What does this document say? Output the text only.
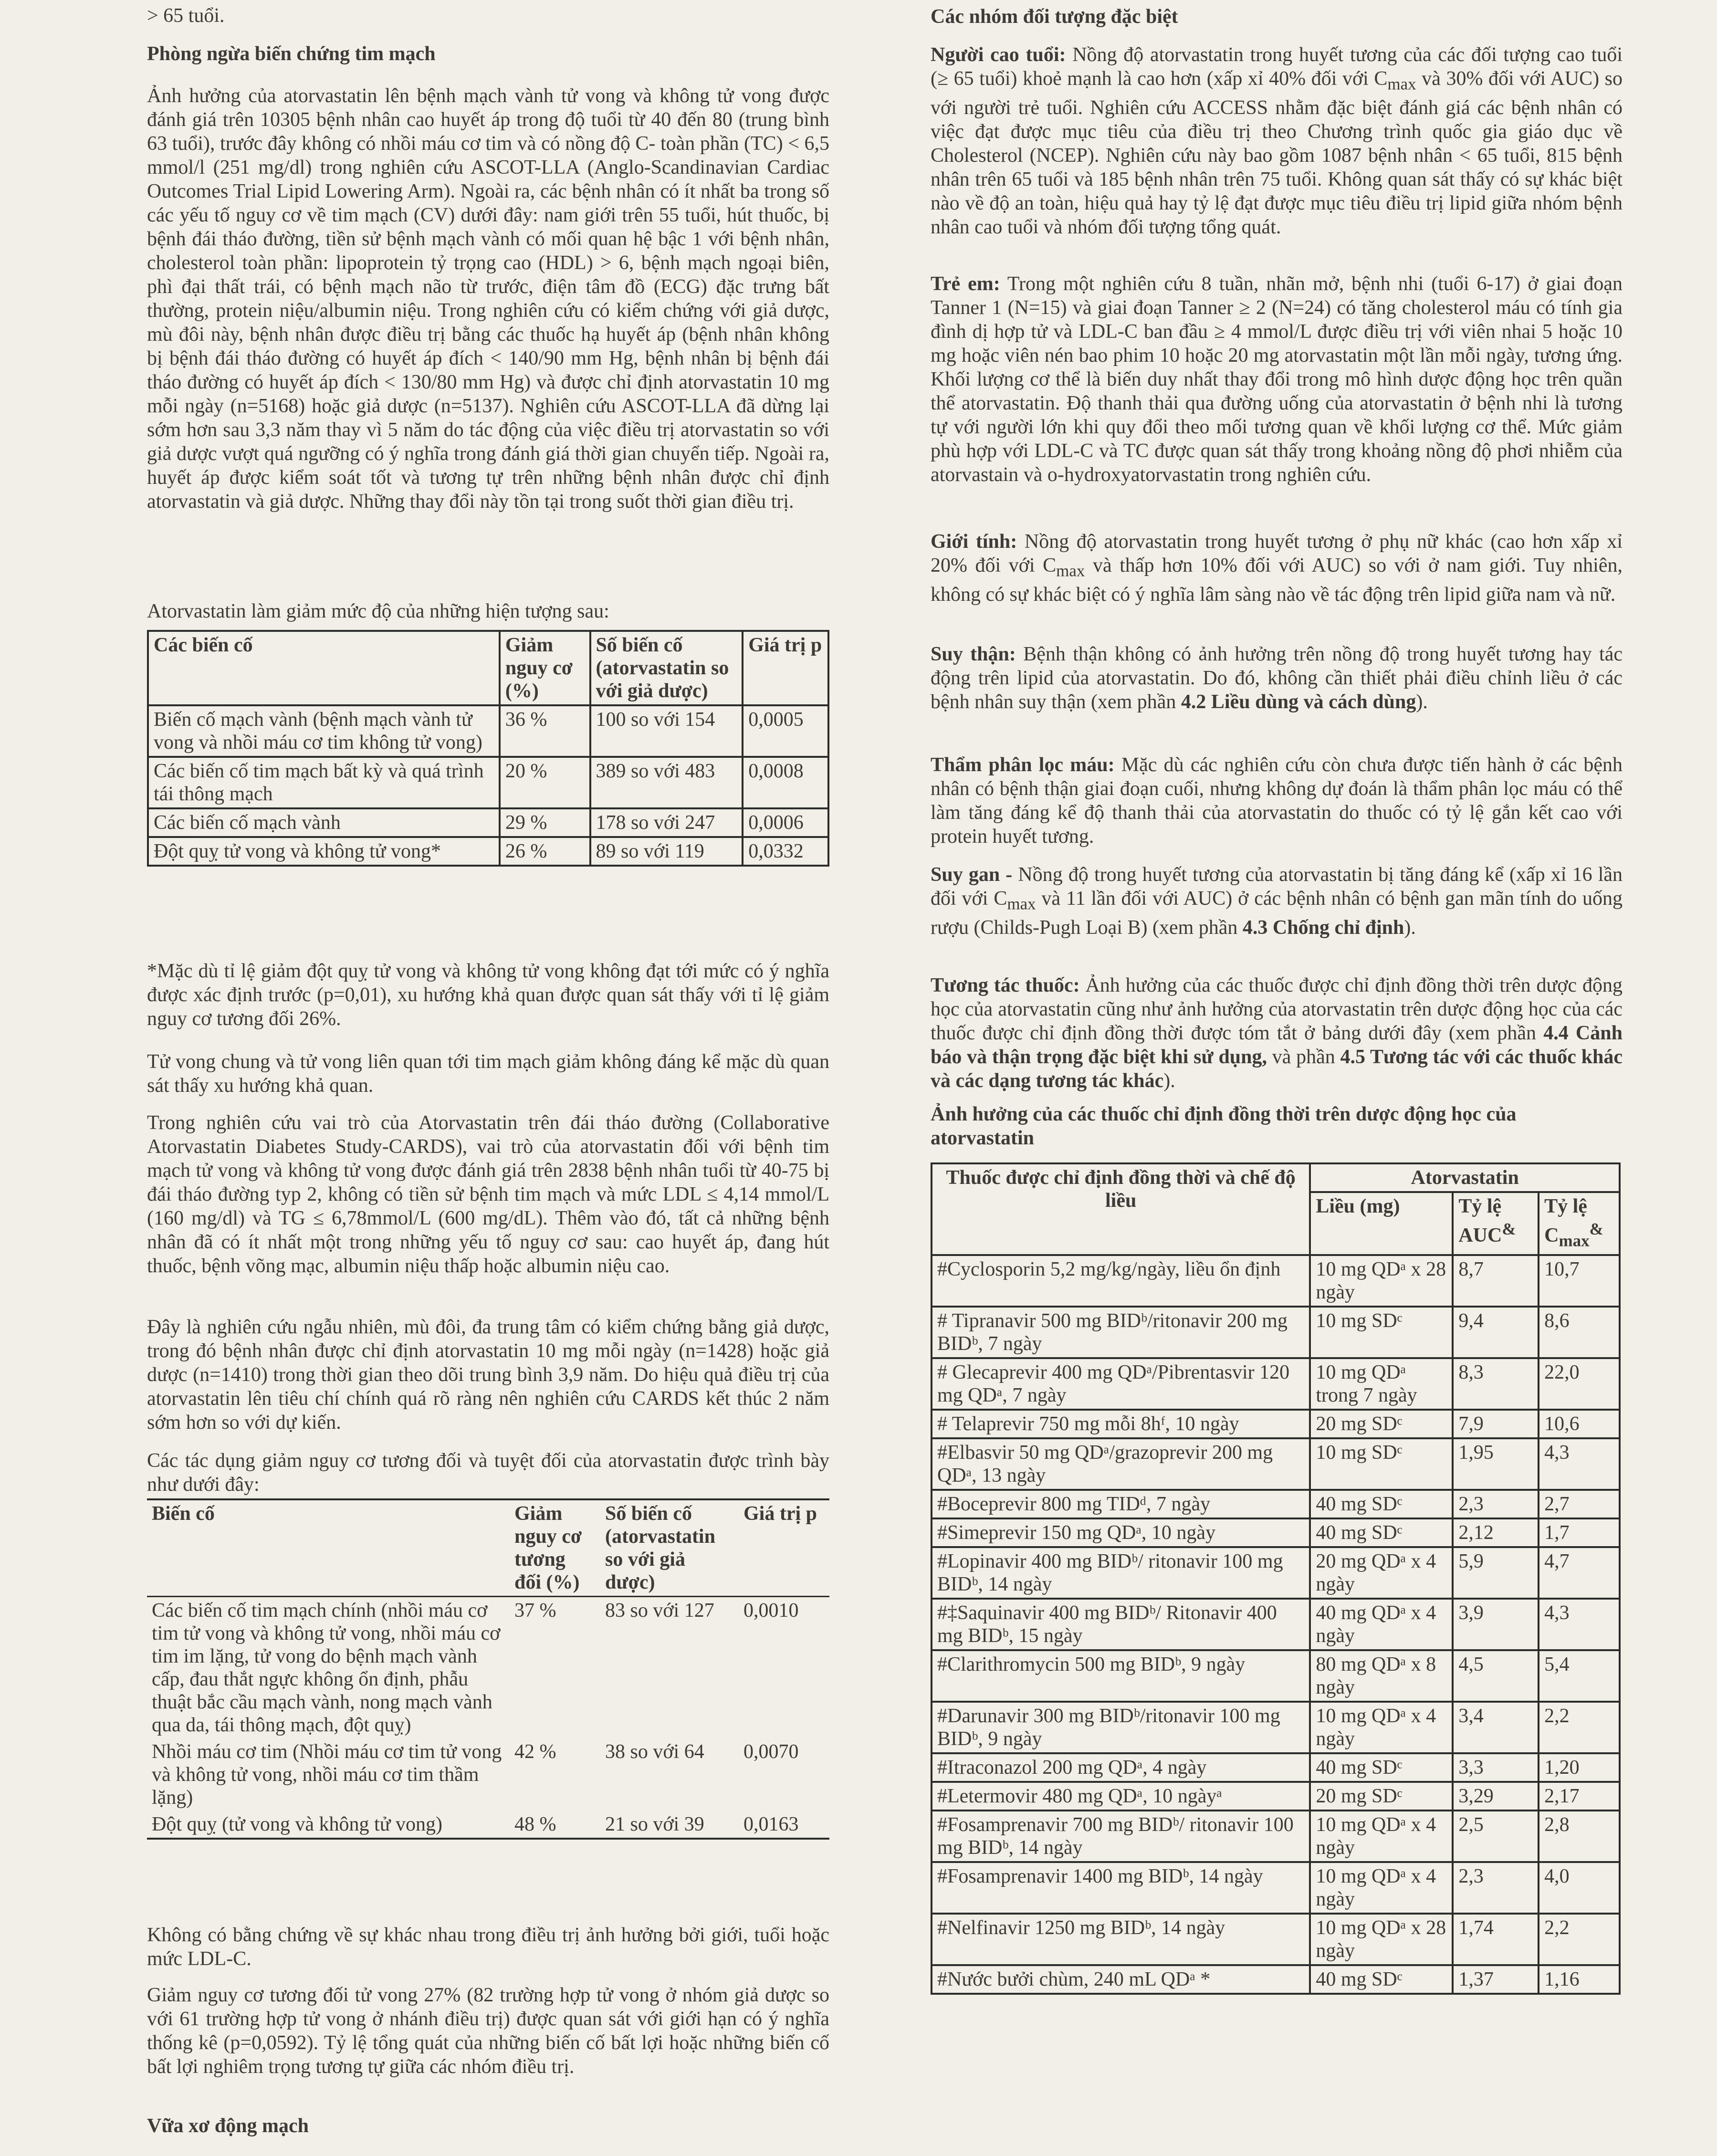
> 65 tuổi.

Phòng ngừa biến chứng tim mạch

Ảnh hưởng của atorvastatin lên bệnh mạch vành tử vong và không tử vong được đánh giá trên 10305 bệnh nhân cao huyết áp trong độ tuổi từ 40 đến 80 (trung bình 63 tuổi), trước đây không có nhồi máu cơ tim và có nồng độ C- toàn phần (TC) < 6,5 mmol/l (251 mg/dl) trong nghiên cứu ASCOT-LLA (Anglo-Scandinavian Cardiac Outcomes Trial Lipid Lowering Arm). Ngoài ra, các bệnh nhân có ít nhất ba trong số các yếu tố nguy cơ về tim mạch (CV) dưới đây: nam giới trên 55 tuổi, hút thuốc, bị bệnh đái tháo đường, tiền sử bệnh mạch vành có mối quan hệ bậc 1 với bệnh nhân, cholesterol toàn phần: lipoprotein tỷ trọng cao (HDL) > 6, bệnh mạch ngoại biên, phì đại thất trái, có bệnh mạch não từ trước, điện tâm đồ (ECG) đặc trưng bất thường, protein niệu/albumin niệu. Trong nghiên cứu có kiểm chứng với giả dược, mù đôi này, bệnh nhân được điều trị bằng các thuốc hạ huyết áp (bệnh nhân không bị bệnh đái tháo đường có huyết áp đích < 140/90 mm Hg, bệnh nhân bị bệnh đái tháo đường có huyết áp đích < 130/80 mm Hg) và được chỉ định atorvastatin 10 mg mỗi ngày (n=5168) hoặc giả dược (n=5137). Nghiên cứu ASCOT-LLA đã dừng lại sớm hơn sau 3,3 năm thay vì 5 năm do tác động của việc điều trị atorvastatin so với giả dược vượt quá ngưỡng có ý nghĩa trong đánh giá thời gian chuyển tiếp. Ngoài ra, huyết áp được kiểm soát tốt và tương tự trên những bệnh nhân được chỉ định atorvastatin và giả dược. Những thay đổi này tồn tại trong suốt thời gian điều trị.

Atorvastatin làm giảm mức độ của những hiện tượng sau:

Các biến cố	Giảm nguy cơ (%)	Số biến cố (atorvastatin so với giả dược)	Giá trị p
Biến cố mạch vành (bệnh mạch vành tử vong và nhồi máu cơ tim không tử vong)	36 %	100 so với 154	0,0005
Các biến cố tim mạch bất kỳ và quá trình tái thông mạch	20 %	389 so với 483	0,0008
Các biến cố mạch vành	29 %	178 so với 247	0,0006
Đột quỵ tử vong và không tử vong*	26 %	89 so với 119	0,0332

*Mặc dù tỉ lệ giảm đột quỵ tử vong và không tử vong không đạt tới mức có ý nghĩa được xác định trước (p=0,01), xu hướng khả quan được quan sát thấy với tỉ lệ giảm nguy cơ tương đối 26%.

Tử vong chung và tử vong liên quan tới tim mạch giảm không đáng kể mặc dù quan sát thấy xu hướng khả quan.

Trong nghiên cứu vai trò của Atorvastatin trên đái tháo đường (Collaborative Atorvastatin Diabetes Study-CARDS), vai trò của atorvastatin đối với bệnh tim mạch tử vong và không tử vong được đánh giá trên 2838 bệnh nhân tuổi từ 40-75 bị đái tháo đường typ 2, không có tiền sử bệnh tim mạch và mức LDL ≤ 4,14 mmol/L (160 mg/dl) và TG ≤ 6,78mmol/L (600 mg/dL). Thêm vào đó, tất cả những bệnh nhân đã có ít nhất một trong những yếu tố nguy cơ sau: cao huyết áp, đang hút thuốc, bệnh võng mạc, albumin niệu thấp hoặc albumin niệu cao.

Đây là nghiên cứu ngẫu nhiên, mù đôi, đa trung tâm có kiểm chứng bằng giả dược, trong đó bệnh nhân được chỉ định atorvastatin 10 mg mỗi ngày (n=1428) hoặc giả dược (n=1410) trong thời gian theo dõi trung bình 3,9 năm. Do hiệu quả điều trị của atorvastatin lên tiêu chí chính quá rõ ràng nên nghiên cứu CARDS kết thúc 2 năm sớm hơn so với dự kiến.

Các tác dụng giảm nguy cơ tương đối và tuyệt đối của atorvastatin được trình bày như dưới đây:

Biến cố	Giảm nguy cơ tương đối (%)	Số biến cố (atorvastatin so với giả dược)	Giá trị p
Các biến cố tim mạch chính (nhồi máu cơ tim tử vong và không tử vong, nhồi máu cơ tim im lặng, tử vong do bệnh mạch vành cấp, đau thắt ngực không ổn định, phẫu thuật bắc cầu mạch vành, nong mạch vành qua da, tái thông mạch, đột quỵ)	37 %	83 so với 127	0,0010
Nhồi máu cơ tim (Nhồi máu cơ tim tử vong và không tử vong, nhồi máu cơ tim thầm lặng)	42 %	38 so với 64	0,0070
Đột quỵ (tử vong và không tử vong)	48 %	21 so với 39	0,0163

Không có bằng chứng về sự khác nhau trong điều trị ảnh hưởng bởi giới, tuổi hoặc mức LDL-C.

Giảm nguy cơ tương đối tử vong 27% (82 trường hợp tử vong ở nhóm giả dược so với 61 trường hợp tử vong ở nhánh điều trị) được quan sát với giới hạn có ý nghĩa thống kê (p=0,0592). Tỷ lệ tổng quát của những biến cố bất lợi hoặc những biến cố bất lợi nghiêm trọng tương tự giữa các nhóm điều trị.

Vữa xơ động mạch

Các nhóm đối tượng đặc biệt

Người cao tuổi: Nồng độ atorvastatin trong huyết tương của các đối tượng cao tuổi (≥ 65 tuổi) khoẻ mạnh là cao hơn (xấp xỉ 40% đối với $C_{max}$ và 30% đối với AUC) so với người trẻ tuổi. Nghiên cứu ACCESS nhằm đặc biệt đánh giá các bệnh nhân có việc đạt được mục tiêu của điều trị theo Chương trình quốc gia giáo dục về Cholesterol (NCEP). Nghiên cứu này bao gồm 1087 bệnh nhân < 65 tuổi, 815 bệnh nhân trên 65 tuổi và 185 bệnh nhân trên 75 tuổi. Không quan sát thấy có sự khác biệt nào về độ an toàn, hiệu quả hay tỷ lệ đạt được mục tiêu điều trị lipid giữa nhóm bệnh nhân cao tuổi và nhóm đối tượng tổng quát.

Trẻ em: Trong một nghiên cứu 8 tuần, nhãn mở, bệnh nhi (tuổi 6-17) ở giai đoạn Tanner 1 (N=15) và giai đoạn Tanner ≥ 2 (N=24) có tăng cholesterol máu có tính gia đình dị hợp tử và LDL-C ban đầu ≥ 4 mmol/L được điều trị với viên nhai 5 hoặc 10 mg hoặc viên nén bao phim 10 hoặc 20 mg atorvastatin một lần mỗi ngày, tương ứng. Khối lượng cơ thể là biến duy nhất thay đổi trong mô hình dược động học trên quần thể atorvastatin. Độ thanh thải qua đường uống của atorvastatin ở bệnh nhi là tương tự với người lớn khi quy đổi theo mối tương quan về khối lượng cơ thể. Mức giảm phù hợp với LDL-C và TC được quan sát thấy trong khoảng nồng độ phơi nhiễm của atorvastain và o-hydroxyatorvastatin trong nghiên cứu.

Giới tính: Nồng độ atorvastatin trong huyết tương ở phụ nữ khác (cao hơn xấp xỉ 20% đối với $C_{max}$ và thấp hơn 10% đối với AUC) so với ở nam giới. Tuy nhiên, không có sự khác biệt có ý nghĩa lâm sàng nào về tác động trên lipid giữa nam và nữ.

Suy thận: Bệnh thận không có ảnh hưởng trên nồng độ trong huyết tương hay tác động trên lipid của atorvastatin. Do đó, không cần thiết phải điều chỉnh liều ở các bệnh nhân suy thận (xem phần 4.2 Liều dùng và cách dùng).

Thẩm phân lọc máu: Mặc dù các nghiên cứu còn chưa được tiến hành ở các bệnh nhân có bệnh thận giai đoạn cuối, nhưng không dự đoán là thẩm phân lọc máu có thể làm tăng đáng kể độ thanh thải của atorvastatin do thuốc có tỷ lệ gắn kết cao với protein huyết tương.

Suy gan - Nồng độ trong huyết tương của atorvastatin bị tăng đáng kể (xấp xỉ 16 lần đối với $C_{max}$ và 11 lần đối với AUC) ở các bệnh nhân có bệnh gan mãn tính do uống rượu (Childs-Pugh Loại B) (xem phần 4.3 Chống chỉ định).

Tương tác thuốc: Ảnh hưởng của các thuốc được chỉ định đồng thời trên dược động học của atorvastatin cũng như ảnh hưởng của atorvastatin trên dược động học của các thuốc được chỉ định đồng thời được tóm tắt ở bảng dưới đây (xem phần 4.4 Cảnh báo và thận trọng đặc biệt khi sử dụng, và phần 4.5 Tương tác với các thuốc khác và các dạng tương tác khác).

Ảnh hưởng của các thuốc chỉ định đồng thời trên dược động học của atorvastatin

Thuốc được chỉ định đồng thời và chế độ liều	Atorvastatin		
	Liều (mg)	Tỷ lệ AUC&	Tỷ lệ $C_{max}^{\&}$
#Cyclosporin 5,2 mg/kg/ngày, liều ổn định	10 mg QDᵃ x 28 ngày	8,7	10,7
# Tipranavir 500 mg BIDᵇ/ritonavir 200 mg BIDᵇ, 7 ngày	10 mg SDᶜ	9,4	8,6
# Glecaprevir 400 mg QDᵃ/Pibrentasvir 120 mg QDᵃ, 7 ngày	10 mg QDᵃ trong 7 ngày	8,3	22,0
# Telaprevir 750 mg mỗi 8hᶠ, 10 ngày	20 mg SDᶜ	7,9	10,6
#Elbasvir 50 mg QDᵃ/grazoprevir 200 mg QDᵃ, 13 ngày	10 mg SDᶜ	1,95	4,3
#Boceprevir 800 mg TIDᵈ, 7 ngày	40 mg SDᶜ	2,3	2,7
#Simeprevir 150 mg QDᵃ, 10 ngày	40 mg SDᶜ	2,12	1,7
#Lopinavir 400 mg BIDᵇ/ ritonavir 100 mg BIDᵇ, 14 ngày	20 mg QDᵃ x 4 ngày	5,9	4,7
#‡Saquinavir 400 mg BIDᵇ/ Ritonavir 400 mg BIDᵇ, 15 ngày	40 mg QDᵃ x 4 ngày	3,9	4,3
#Clarithromycin 500 mg BIDᵇ, 9 ngày	80 mg QDᵃ x 8 ngày	4,5	5,4
#Darunavir 300 mg BIDᵇ/ritonavir 100 mg BIDᵇ, 9 ngày	10 mg QDᵃ x 4 ngày	3,4	2,2
#Itraconazol 200 mg QDᵃ, 4 ngày	40 mg SDᶜ	3,3	1,20
#Letermovir 480 mg QDᵃ, 10 ngàyᵃ	20 mg SDᶜ	3,29	2,17
#Fosamprenavir 700 mg BIDᵇ/ ritonavir 100 mg BIDᵇ, 14 ngày	10 mg QDᵃ x 4 ngày	2,5	2,8
#Fosamprenavir 1400 mg BIDᵇ, 14 ngày	10 mg QDᵃ x 4 ngày	2,3	4,0
#Nelfinavir 1250 mg BIDᵇ, 14 ngày	10 mg QDᵃ x 28 ngày	1,74	2,2
#Nước bưởi chùm, 240 mL QDᵃ *	40 mg SDᶜ	1,37	1,16
